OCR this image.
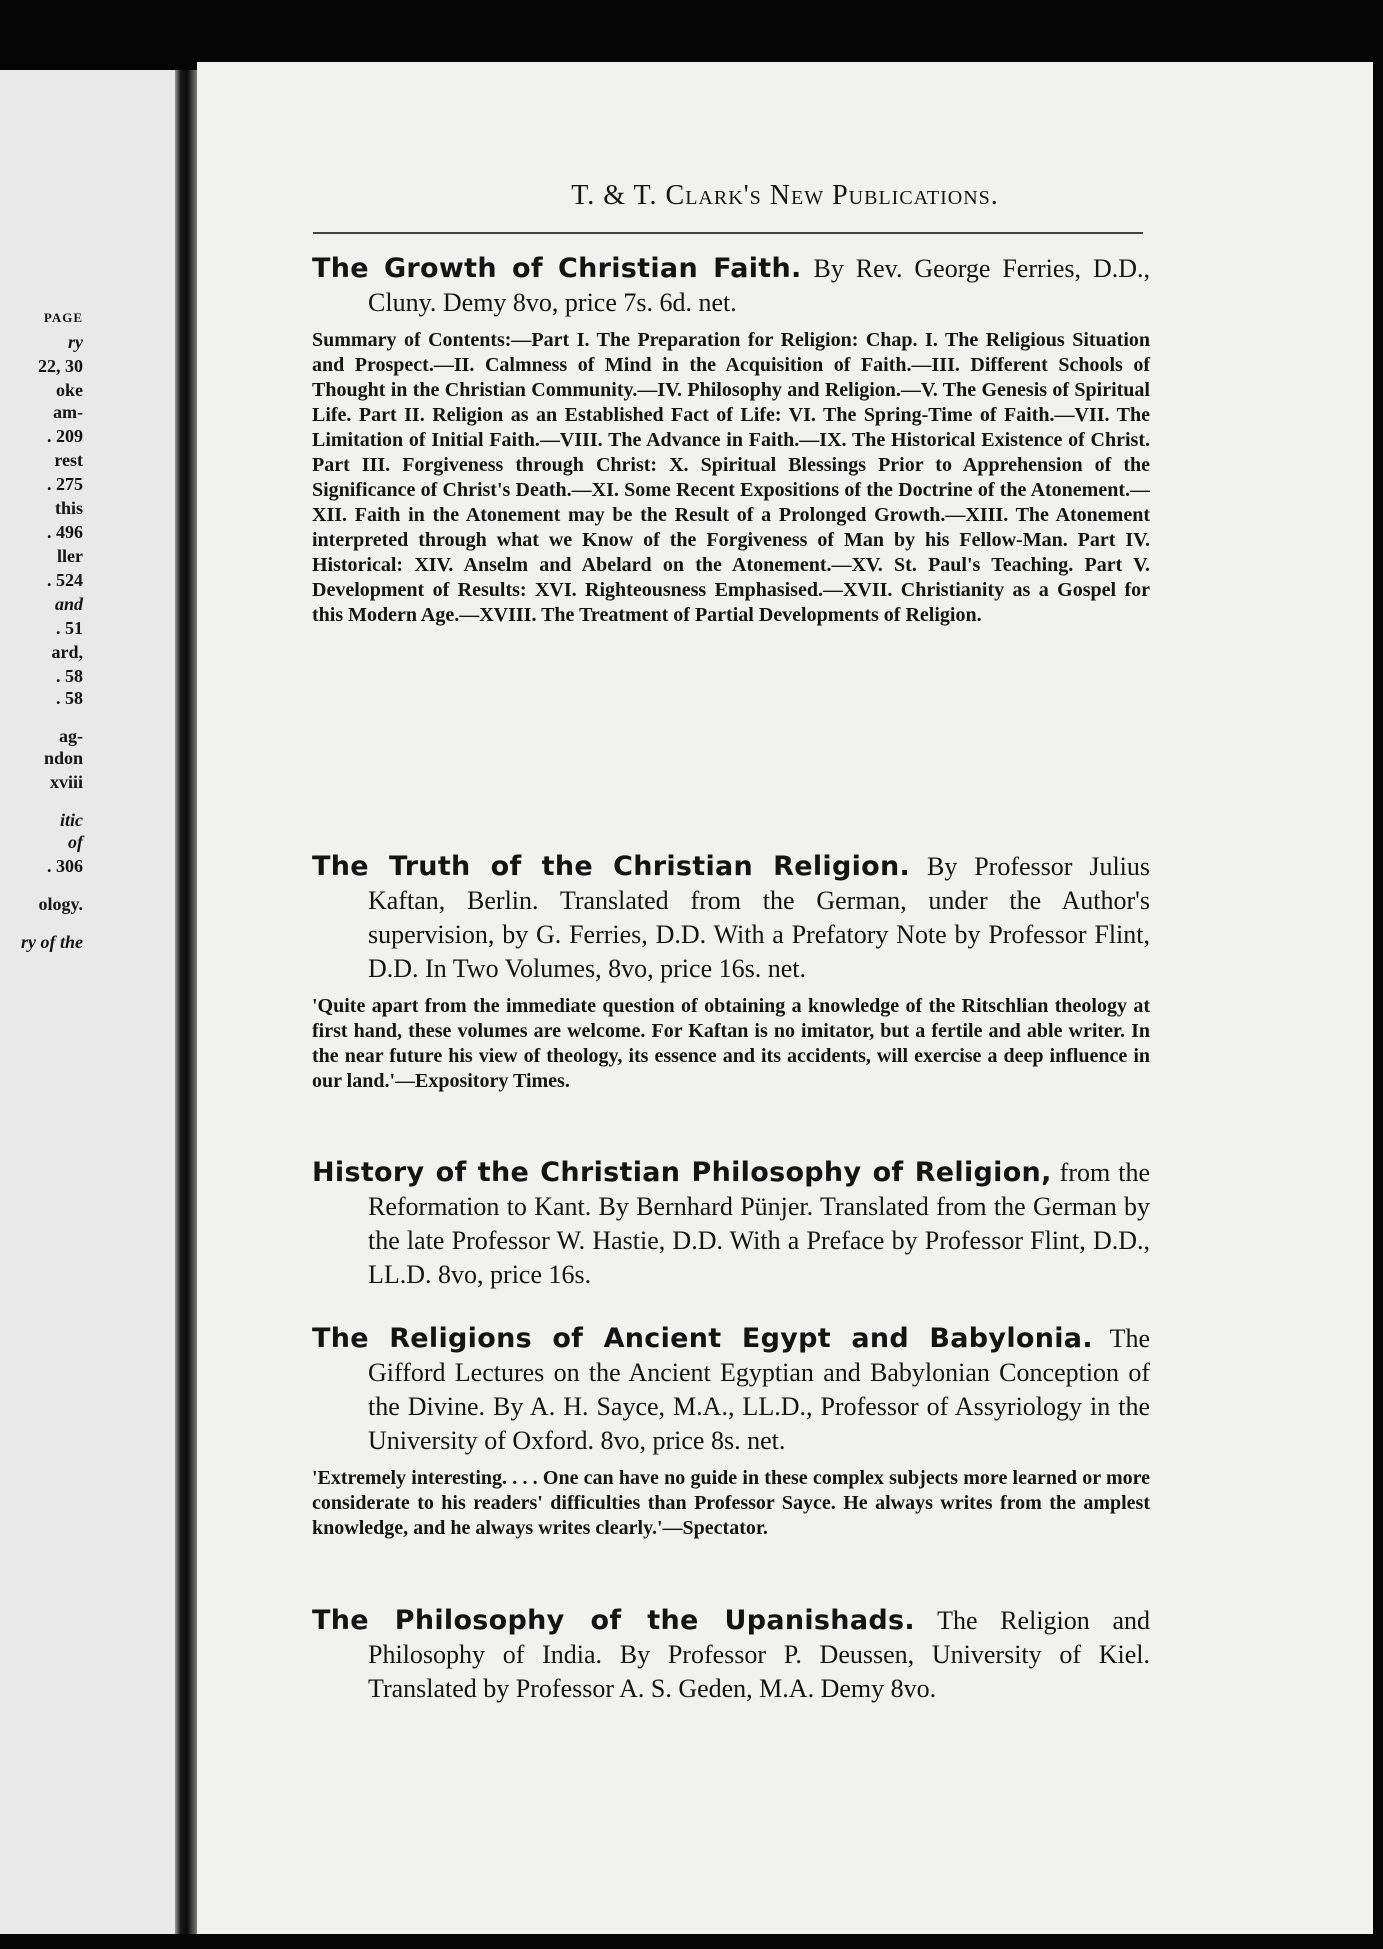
PAGE
ry
22, 30
oke
am-
. 209
rest
. 275
this
. 496
ller
. 524
and
. 51
ard,
. 58
. 58
ag-
ndon
xviii
itic
of
. 306
ology.
ry of the
T. & T. Clark's New Publications.

The Growth of Christian Faith. By Rev. George Ferries, D.D., Cluny. Demy 8vo, price 7s. 6d. net.

Summary of Contents:—Part I. The Preparation for Religion: Chap. I. The Religious Situation and Prospect.—II. Calmness of Mind in the Acquisition of Faith.—III. Different Schools of Thought in the Christian Community.—IV. Philosophy and Religion.—V. The Genesis of Spiritual Life. Part II. Religion as an Established Fact of Life: VI. The Spring-Time of Faith.—VII. The Limitation of Initial Faith.—VIII. The Advance in Faith.—IX. The Historical Existence of Christ. Part III. Forgiveness through Christ: X. Spiritual Blessings Prior to Apprehension of the Significance of Christ's Death.—XI. Some Recent Expositions of the Doctrine of the Atonement.—XII. Faith in the Atonement may be the Result of a Prolonged Growth.—XIII. The Atonement interpreted through what we Know of the Forgiveness of Man by his Fellow-Man. Part IV. Historical: XIV. Anselm and Abelard on the Atonement.—XV. St. Paul's Teaching. Part V. Development of Results: XVI. Righteousness Emphasised.—XVII. Christianity as a Gospel for this Modern Age.—XVIII. The Treatment of Partial Developments of Religion.

The Truth of the Christian Religion. By Professor Julius Kaftan, Berlin. Translated from the German, under the Author's supervision, by G. Ferries, D.D. With a Prefatory Note by Professor Flint, D.D. In Two Volumes, 8vo, price 16s. net.

'Quite apart from the immediate question of obtaining a knowledge of the Ritschlian theology at first hand, these volumes are welcome. For Kaftan is no imitator, but a fertile and able writer. In the near future his view of theology, its essence and its accidents, will exercise a deep influence in our land.'—Expository Times.

History of the Christian Philosophy of Religion, from the Reformation to Kant. By Bernhard Pünjer. Translated from the German by the late Professor W. Hastie, D.D. With a Preface by Professor Flint, D.D., LL.D. 8vo, price 16s.

The Religions of Ancient Egypt and Babylonia. The Gifford Lectures on the Ancient Egyptian and Babylonian Conception of the Divine. By A. H. Sayce, M.A., LL.D., Professor of Assyriology in the University of Oxford. 8vo, price 8s. net.

'Extremely interesting. . . . One can have no guide in these complex subjects more learned or more considerate to his readers' difficulties than Professor Sayce. He always writes from the amplest knowledge, and he always writes clearly.'—Spectator.

The Philosophy of the Upanishads. The Religion and Philosophy of India. By Professor P. Deussen, University of Kiel. Translated by Professor A. S. Geden, M.A. Demy 8vo.
